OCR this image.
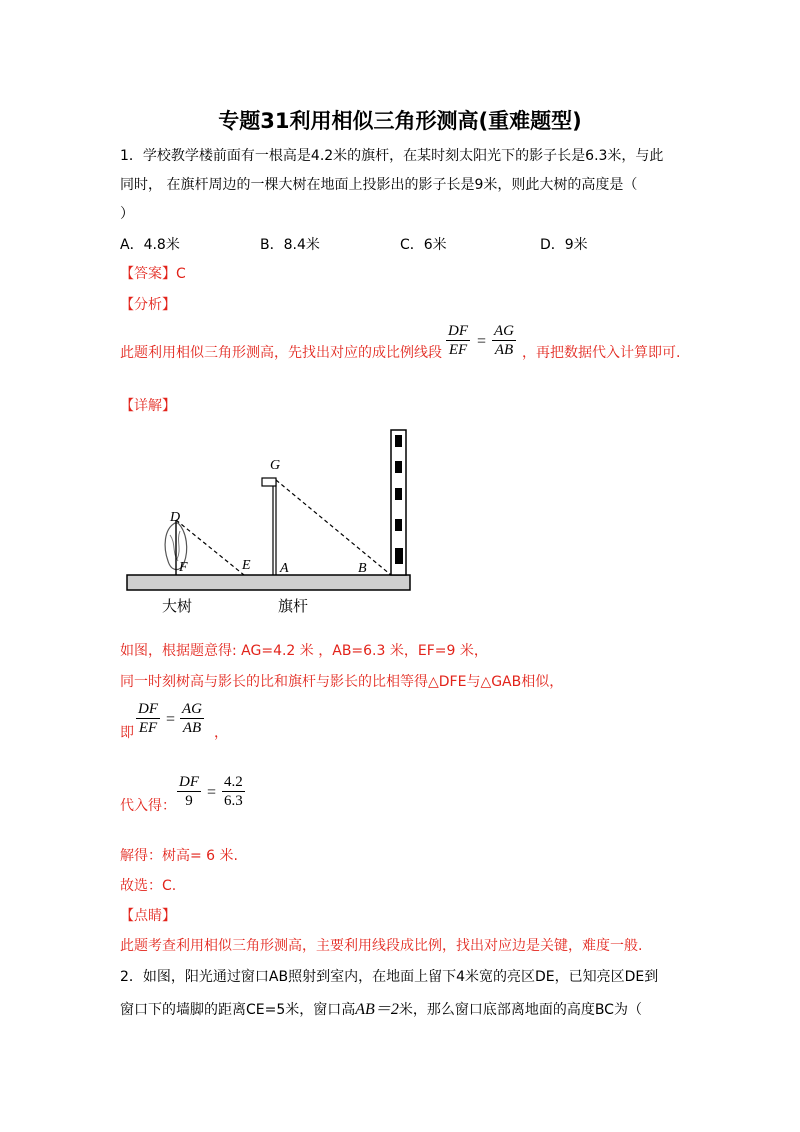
专题31利用相似三角形测高(重难题型)
1．学校教学楼前面有一根高是4.2米的旗杆，在某时刻太阳光下的影子长是6.3米，与此
同时， 在旗杆周边的一棵大树在地面上投影出的影子长是9米，则此大树的高度是（
）
A．4.8米	B．8.4米	C．6米	D．9米
【答案】C
【分析】
此题利用相似三角形测高，先找出对应的成比例线段 $\frac{DF}{EF} = \frac{AG}{AB}$ ，再把数据代入计算即可.
【详解】
G
D
F	E A	B
大树	旗杆
如图，根据题意得: AG=4.2 米 ，AB=6.3 米，EF=9 米，
同一时刻树高与影长的比和旗杆与影长的比相等得△DFE与△GAB相似，
即 $\frac{DF}{EF} = \frac{AG}{AB}$ ，
代入得： $\frac{DF}{9} = \frac{4.2}{6.3}$
解得：树高= 6 米.
故选：C.
【点睛】
此题考查利用相似三角形测高，主要利用线段成比例，找出对应边是关键，难度一般.
2．如图，阳光通过窗口AB照射到室内，在地面上留下4米宽的亮区DE，已知亮区DE到
窗口下的墙脚的距离CE=5米，窗口高AB＝2米，那么窗口底部离地面的高度BC为（
